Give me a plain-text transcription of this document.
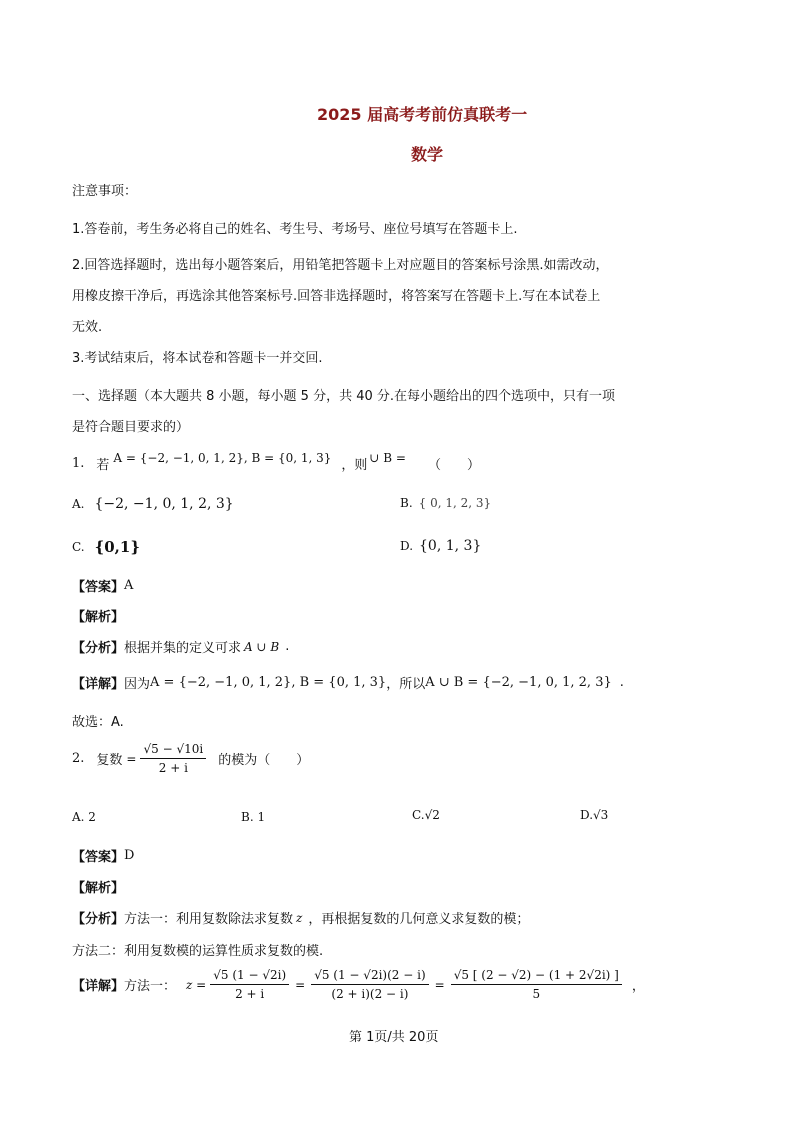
2025 届高考考前仿真联考一
数学
注意事项：
1.答卷前，考生务必将自己的姓名、考生号、考场号、座位号填写在答题卡上.
2.回答选择题时，选出每小题答案后，用铅笔把答题卡上对应题目的答案标号涂黑.如需改动，
用橡皮擦干净后，再选涂其他答案标号.回答非选择题时，将答案写在答题卡上.写在本试卷上
无效.
3.考试结束后，将本试卷和答题卡一并交回.
一、选择题（本大题共 8 小题，每小题 5 分，共 40 分.在每小题给出的四个选项中，只有一项
是符合题目要求的）
1. 若
A = {−2, −1, 0, 1, 2} , B = {0, 1, 3}
，则
∪ B =
（　　）
A. {−2, −1, 0, 1, 2, 3}	B. { 0, 1, 2, 3}
C. {0,1}	D. {0, 1, 3}
【答案】 A
【解析】
【分析】 根据并集的定义可求 A ∪ B .
【详解】 因为 A = {−2, −1, 0, 1, 2}, B = {0, 1, 3} ，所以 A ∪ B = {−2, −1, 0, 1, 2, 3} .
故选：A.
2. 复数 = $\frac{√5 - √10i}{2 + i}$ 的模为（　　）
A. 2	B. 1	C. √2	D. √3
【答案】 D
【解析】
【分析】 方法一：利用复数除法求复数 z ，再根据复数的几何意义求复数的模；
方法二：利用复数模的运算性质求复数的模.
【详解】 方法一： $z = \frac{√5 (1 - √2i)}{2 + i} = \frac{√5 (1 - √2i)(2 - i)}{(2 + i)(2 - i)} = \frac{√5 [ (2 - √2) - (1 + 2√2i) ]}{5}$ ，
第 1页/共 20页
